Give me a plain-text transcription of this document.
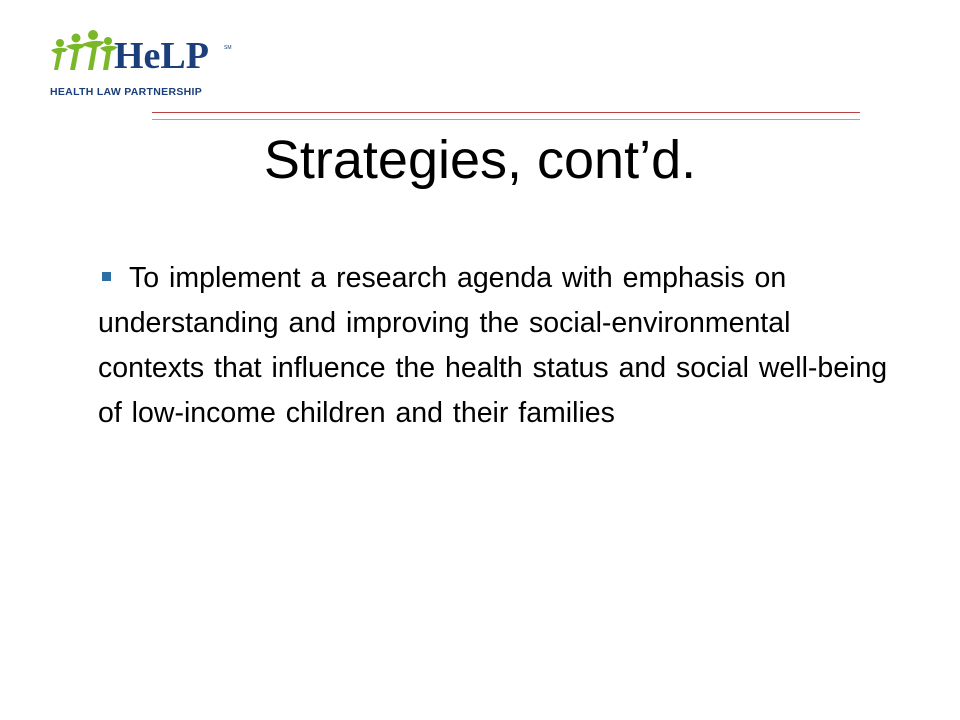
HeLP	SM
HEALTH LAW PARTNERSHIP
Strategies, cont’d.

To implement a research agenda with emphasis on understanding and improving the social-environmental contexts that influence the health status and social well-being of low-income children and their families
